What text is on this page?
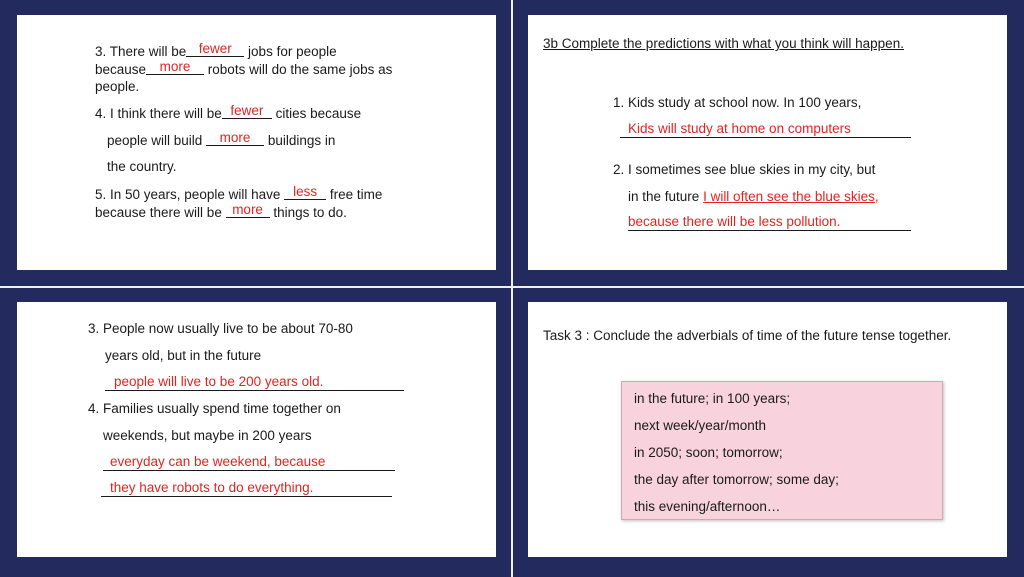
3. There will be fewer jobs for people
because more robots will do the same jobs as
people.
4. I think there will be fewer cities because
people will build more buildings in
the country.
5. In 50 years, people will have less free time
because there will be more things to do.
3b Complete the predictions with what you think will happen.
1. Kids study at school now. In 100 years,
Kids will study at home on computers
2. I sometimes see blue skies in my city, but
in the future I will often see the blue skies,
because there will be less pollution.
3. People now usually live to be about 70-80
years old, but in the future
people will live to be 200 years old.
4. Families usually spend time together on
weekends, but maybe in 200 years
everyday can be weekend, because
they have robots to do everything.
Task 3 : Conclude the adverbials of time of the future tense together.
in the future; in 100 years;
next week/year/month
in 2050; soon; tomorrow;
the day after tomorrow; some day;
this evening/afternoon…
